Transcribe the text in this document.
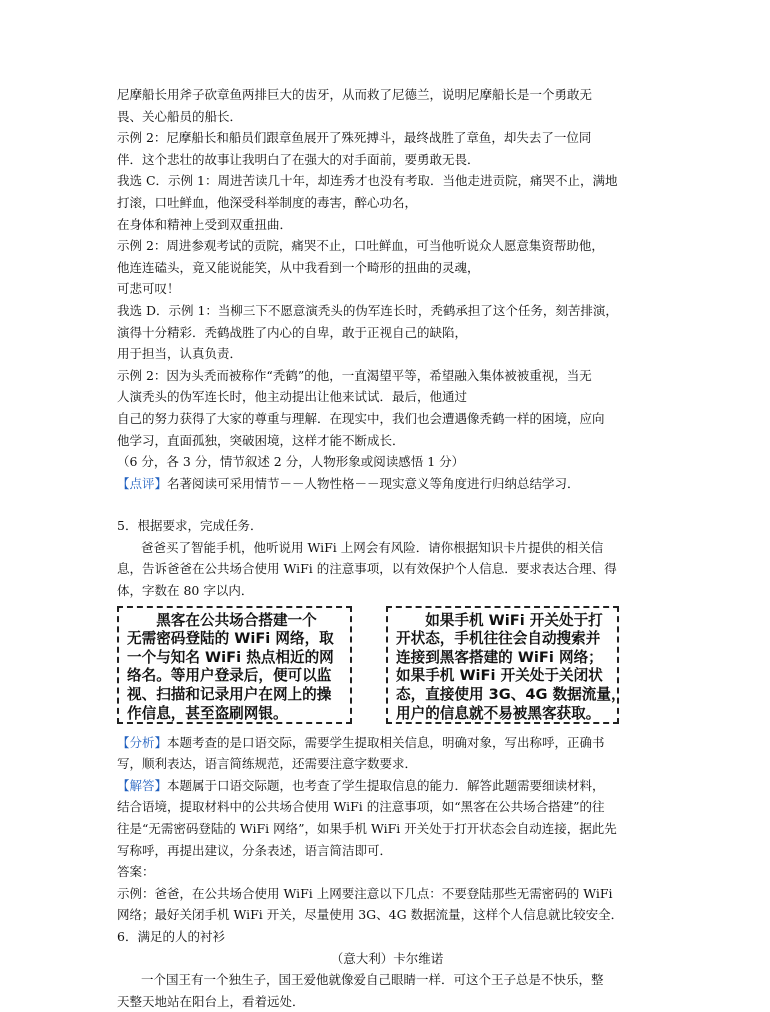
尼摩船长用斧子砍章鱼两排巨大的齿牙，从而救了尼德兰，说明尼摩船长是一个勇敢无
畏、关心船员的船长．
示例 2：尼摩船长和船员们跟章鱼展开了殊死搏斗，最终战胜了章鱼，却失去了一位同
伴．这个悲壮的故事让我明白了在强大的对手面前，要勇敢无畏．
我选 C．示例 1：周进苦读几十年，却连秀才也没有考取．当他走进贡院，痛哭不止，满地
打滚，口吐鲜血，他深受科举制度的毒害，醉心功名，
在身体和精神上受到双重扭曲．
示例 2：周进参观考试的贡院，痛哭不止，口吐鲜血，可当他听说众人愿意集资帮助他，
他连连磕头，竟又能说能笑，从中我看到一个畸形的扭曲的灵魂，
可悲可叹！
我选 D．示例 1：当柳三下不愿意演秃头的伪军连长时，秃鹤承担了这个任务，刻苦排演，
演得十分精彩．秃鹤战胜了内心的自卑，敢于正视自己的缺陷，
用于担当，认真负责．
示例 2：因为头秃而被称作“秃鹤”的他，一直渴望平等，希望融入集体被被重视，当无
人演秃头的伪军连长时，他主动提出让他来试试．最后，他通过
自己的努力获得了大家的尊重与理解．在现实中，我们也会遭遇像秃鹤一样的困境，应向
他学习，直面孤独，突破困境，这样才能不断成长．
（6 分，各 3 分，情节叙述 2 分，人物形象或阅读感悟 1 分）
【点评】名著阅读可采用情节－－人物性格－－现实意义等角度进行归纳总结学习．
5．根据要求，完成任务．
爸爸买了智能手机，他听说用 WiFi 上网会有风险．请你根据知识卡片提供的相关信
息，告诉爸爸在公共场合使用 WiFi 的注意事项，以有效保护个人信息．要求表达合理、得
体，字数在 80 字以内．
　　黑客在公共场合搭建一个
无需密码登陆的 WiFi 网络，取
一个与知名 WiFi 热点相近的网
络名。等用户登录后，便可以监
视、扫描和记录用户在网上的操
作信息，甚至盗刷网银。
　　如果手机 WiFi 开关处于打
开状态，手机往往会自动搜索并
连接到黑客搭建的 WiFi 网络；
如果手机 WiFi 开关处于关闭状
态，直接使用 3G、4G 数据流量，
用户的信息就不易被黑客获取。
【分析】本题考查的是口语交际，需要学生提取相关信息，明确对象，写出称呼，正确书
写，顺利表达，语言简练规范，还需要注意字数要求．
【解答】本题属于口语交际题，也考查了学生提取信息的能力．解答此题需要细读材料，
结合语境，提取材料中的公共场合使用 WiFi 的注意事项，如“黑客在公共场合搭建”的往
往是“无需密码登陆的 WiFi 网络”，如果手机 WiFi 开关处于打开状态会自动连接，据此先
写称呼，再提出建议，分条表述，语言简洁即可．
答案：
示例：爸爸，在公共场合使用 WiFi 上网要注意以下几点：不要登陆那些无需密码的 WiFi
网络；最好关闭手机 WiFi 开关，尽量使用 3G、4G 数据流量，这样个人信息就比较安全．
6．满足的人的衬衫
（意大利）卡尔维诺
一个国王有一个独生子，国王爱他就像爱自己眼睛一样．可这个王子总是不快乐，整
天整天地站在阳台上，看着远处．
